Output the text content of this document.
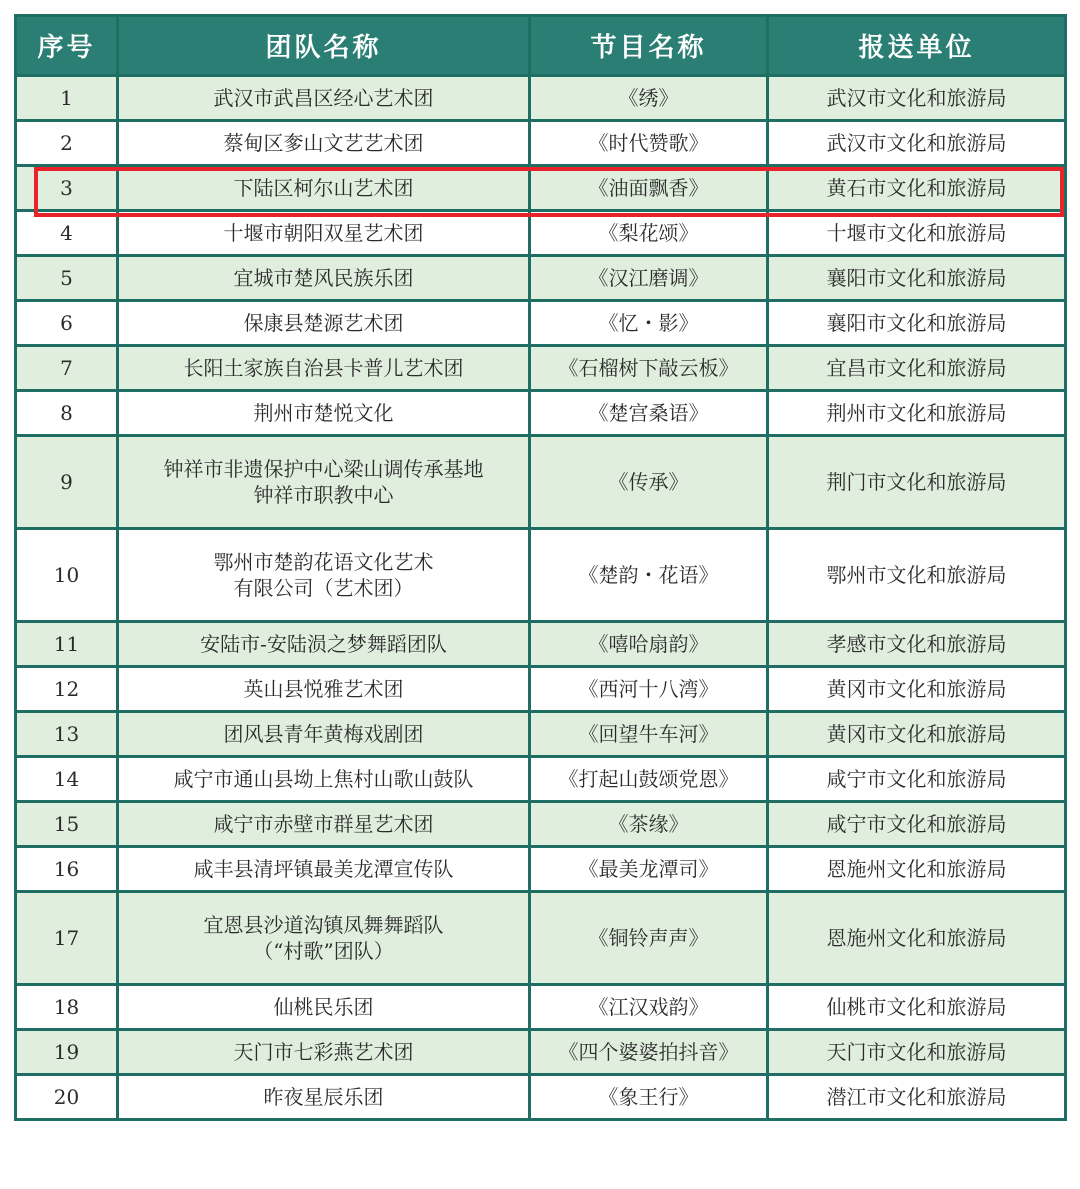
序号	团队名称	节目名称	报送单位
1	武汉市武昌区经心艺术团	《绣》	武汉市文化和旅游局
2	蔡甸区奓山文艺艺术团	《时代赞歌》	武汉市文化和旅游局
3	下陆区柯尔山艺术团	《油面飘香》	黄石市文化和旅游局
4	十堰市朝阳双星艺术团	《梨花颂》	十堰市文化和旅游局
5	宜城市楚风民族乐团	《汉江磨调》	襄阳市文化和旅游局
6	保康县楚源艺术团	《忆・影》	襄阳市文化和旅游局
7	长阳土家族自治县卡普儿艺术团	《石榴树下敲云板》	宜昌市文化和旅游局
8	荆州市楚悦文化	《楚宫桑语》	荆州市文化和旅游局
9	钟祥市非遗保护中心梁山调传承基地
钟祥市职教中心	《传承》	荆门市文化和旅游局
10	鄂州市楚韵花语文化艺术
有限公司（艺术团）	《楚韵・花语》	鄂州市文化和旅游局
11	安陆市-安陆涢之梦舞蹈团队	《嘻哈扇韵》	孝感市文化和旅游局
12	英山县悦雅艺术团	《西河十八湾》	黄冈市文化和旅游局
13	团风县青年黄梅戏剧团	《回望牛车河》	黄冈市文化和旅游局
14	咸宁市通山县坳上焦村山歌山鼓队	《打起山鼓颂党恩》	咸宁市文化和旅游局
15	咸宁市赤壁市群星艺术团	《茶缘》	咸宁市文化和旅游局
16	咸丰县清坪镇最美龙潭宣传队	《最美龙潭司》	恩施州文化和旅游局
17	宜恩县沙道沟镇凤舞舞蹈队
（“村歌”团队）	《铜铃声声》	恩施州文化和旅游局
18	仙桃民乐团	《江汉戏韵》	仙桃市文化和旅游局
19	天门市七彩燕艺术团	《四个婆婆拍抖音》	天门市文化和旅游局
20	昨夜星辰乐团	《象王行》	潜江市文化和旅游局
